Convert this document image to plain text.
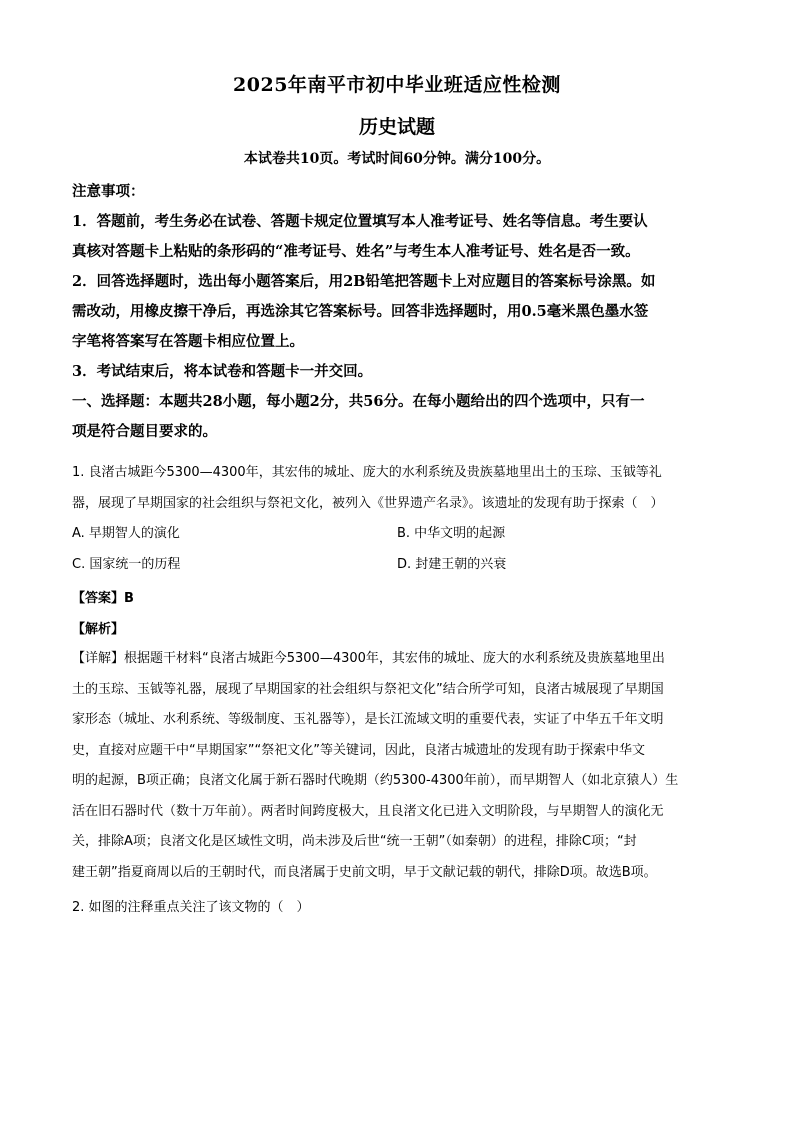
2025年南平市初中毕业班适应性检测
历史试题
本试卷共10页。考试时间60分钟。满分100分。
注意事项：
1．答题前，考生务必在试卷、答题卡规定位置填写本人准考证号、姓名等信息。考生要认
真核对答题卡上粘贴的条形码的“准考证号、姓名”与考生本人准考证号、姓名是否一致。
2．回答选择题时，选出每小题答案后，用2B铅笔把答题卡上对应题目的答案标号涂黑。如
需改动，用橡皮擦干净后，再选涂其它答案标号。回答非选择题时，用0.5毫米黑色墨水签
字笔将答案写在答题卡相应位置上。
3．考试结束后，将本试卷和答题卡一并交回。
一、选择题：本题共28小题，每小题2分，共56分。在每小题给出的四个选项中，只有一
项是符合题目要求的。
1. 良渚古城距今5300—4300年，其宏伟的城址、庞大的水利系统及贵族墓地里出土的玉琮、玉钺等礼
器，展现了早期国家的社会组织与祭祀文化，被列入《世界遗产名录》。该遗址的发现有助于探索（　）
A. 早期智人的演化	B. 中华文明的起源
C. 国家统一的历程	D. 封建王朝的兴衰
【答案】B
【解析】
【详解】根据题干材料“良渚古城距今5300—4300年，其宏伟的城址、庞大的水利系统及贵族墓地里出
土的玉琮、玉钺等礼器，展现了早期国家的社会组织与祭祀文化”结合所学可知，良渚古城展现了早期国
家形态（城址、水利系统、等级制度、玉礼器等），是长江流域文明的重要代表，实证了中华五千年文明
史，直接对应题干中“早期国家”“祭祀文化”等关键词，因此，良渚古城遗址的发现有助于探索中华文
明的起源，B项正确；良渚文化属于新石器时代晚期（约5300-4300年前），而早期智人（如北京猿人）生
活在旧石器时代（数十万年前）。两者时间跨度极大，且良渚文化已进入文明阶段，与早期智人的演化无
关，排除A项；良渚文化是区域性文明，尚未涉及后世“统一王朝”（如秦朝）的进程，排除C项；“封
建王朝”指夏商周以后的王朝时代，而良渚属于史前文明，早于文献记载的朝代，排除D项。故选B项。
2. 如图的注释重点关注了该文物的（　）
